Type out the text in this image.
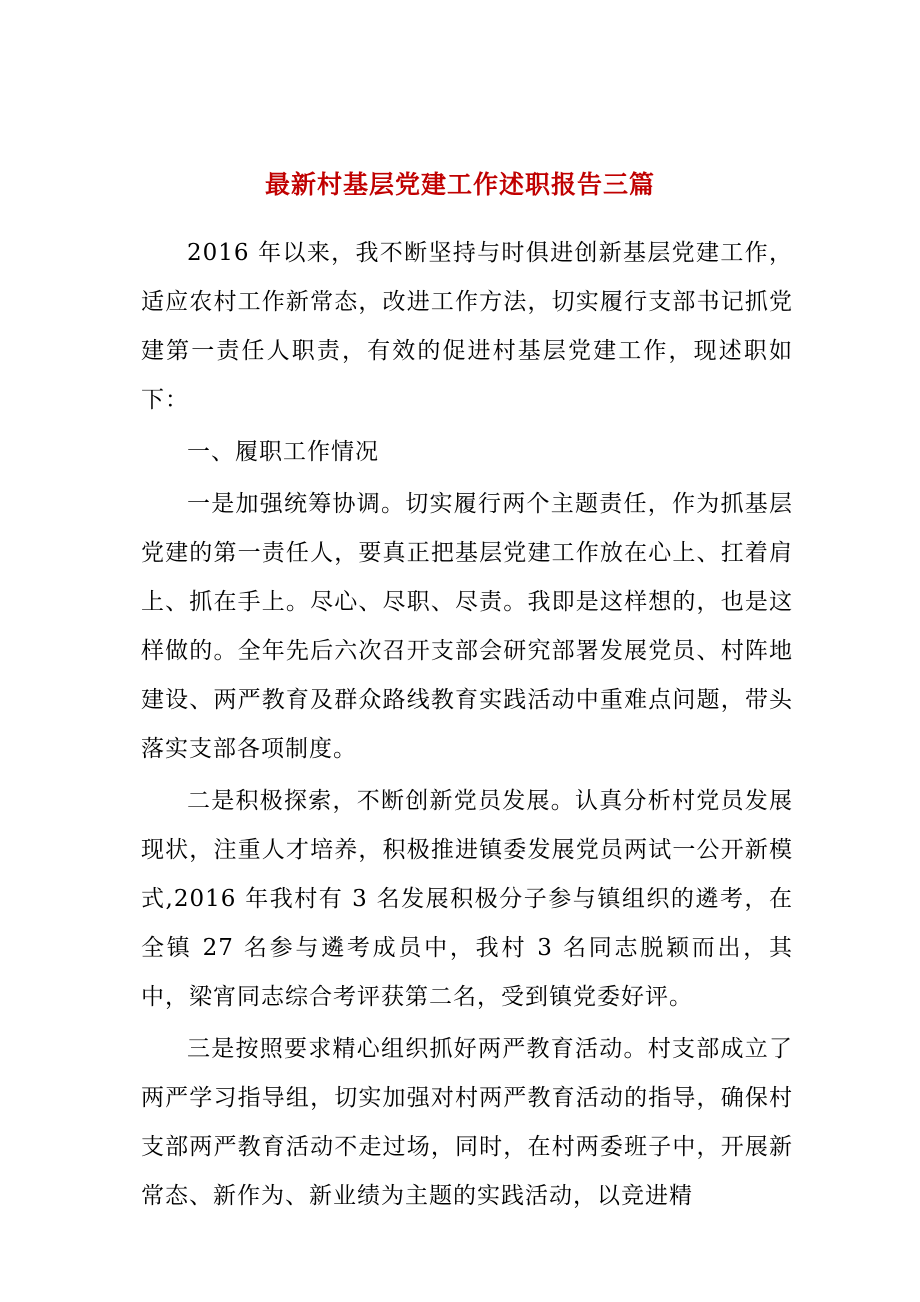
最新村基层党建工作述职报告三篇

2016 年以来，我不断坚持与时俱进创新基层党建工作，适应农村工作新常态，改进工作方法，切实履行支部书记抓党建第一责任人职责，有效的促进村基层党建工作，现述职如下：

一、履职工作情况

一是加强统筹协调。切实履行两个主题责任，作为抓基层党建的第一责任人，要真正把基层党建工作放在心上、扛着肩上、抓在手上。尽心、尽职、尽责。我即是这样想的，也是这样做的。全年先后六次召开支部会研究部署发展党员、村阵地建设、两严教育及群众路线教育实践活动中重难点问题，带头落实支部各项制度。

二是积极探索，不断创新党员发展。认真分析村党员发展现状，注重人才培养，积极推进镇委发展党员两试一公开新模式,2016 年我村有 3 名发展积极分子参与镇组织的遴考，在全镇 27 名参与遴考成员中，我村 3 名同志脱颖而出，其中，梁宵同志综合考评获第二名，受到镇党委好评。

三是按照要求精心组织抓好两严教育活动。村支部成立了两严学习指导组，切实加强对村两严教育活动的指导，确保村支部两严教育活动不走过场，同时，在村两委班子中，开展新常态、新作为、新业绩为主题的实践活动，以竞进精
